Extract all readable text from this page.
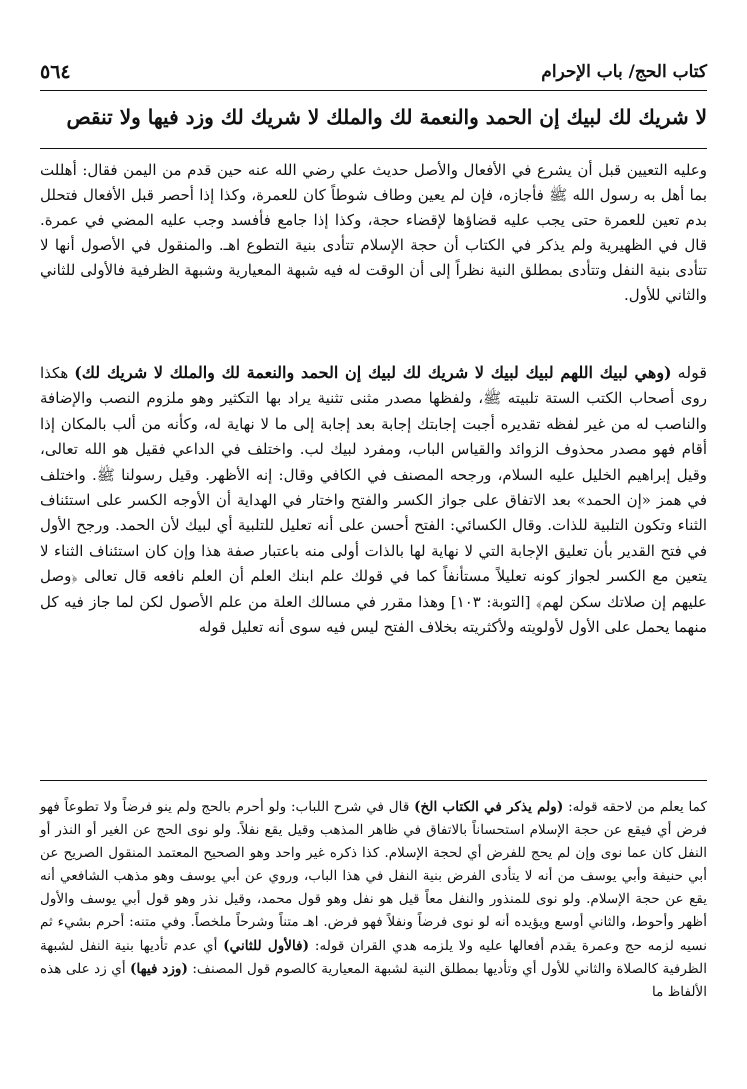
٥٦٤	كتاب الحج/ باب الإحرام
لا شريك لك لبيك إن الحمد والنعمة لك والملك لا شريك لك وزد فيها ولا تنقص
وعليه التعيين قبل أن يشرع في الأفعال والأصل حديث علي رضي الله عنه حين قدم من اليمن فقال: أهللت بما أهل به رسول الله ﷺ فأجازه، فإن لم يعين وطاف شوطاً كان للعمرة، وكذا إذا أحصر قبل الأفعال فتحلل بدم تعين للعمرة حتى يجب عليه قضاؤها لإقضاء حجة، وكذا إذا جامع فأفسد وجب عليه المضي في عمرة. قال في الظهيرية ولم يذكر في الكتاب أن حجة الإسلام تتأدى بنية التطوع اهـ. والمنقول في الأصول أنها لا تتأدى بنية النفل وتتأدى بمطلق النية نظراً إلى أن الوقت له فيه شبهة المعيارية وشبهة الظرفية فالأولى للثاني والثاني للأول.
قوله (وهي لبيك اللهم لبيك لبيك لا شريك لك لبيك إن الحمد والنعمة لك والملك لا شريك لك) هكذا روى أصحاب الكتب الستة تلبيته ﷺ، ولفظها مصدر مثنى تثنية يراد بها التكثير وهو ملزوم النصب والإضافة والناصب له من غير لفظه تقديره أجبت إجابتك إجابة بعد إجابة إلى ما لا نهاية له، وكأنه من ألب بالمكان إذا أقام فهو مصدر محذوف الزوائد والقياس الباب، ومفرد لبيك لب. واختلف في الداعي فقيل هو الله تعالى، وقيل إبراهيم الخليل عليه السلام، ورجحه المصنف في الكافي وقال: إنه الأظهر. وقيل رسولنا ﷺ. واختلف في همز «إن الحمد» بعد الاتفاق على جواز الكسر والفتح واختار في الهداية أن الأوجه الكسر على استئناف الثناء وتكون التلبية للذات. وقال الكسائي: الفتح أحسن على أنه تعليل للتلبية أي لبيك لأن الحمد. ورجح الأول في فتح القدير بأن تعليق الإجابة التي لا نهاية لها بالذات أولى منه باعتبار صفة هذا وإن كان استئناف الثناء لا يتعين مع الكسر لجواز كونه تعليلاً مستأنفاً كما في قولك علم ابنك العلم أن العلم نافعه قال تعالى ﴿وصل عليهم إن صلاتك سكن لهم﴾ [التوبة: ١٠٣] وهذا مقرر في مسالك العلة من علم الأصول لكن لما جاز فيه كل منهما يحمل على الأول لأولويته ولأكثريته بخلاف الفتح ليس فيه سوى أنه تعليل قوله
كما يعلم من لاحقه قوله: (ولم يذكر في الكتاب الخ) قال في شرح اللباب: ولو أحرم بالحج ولم ينو فرضاً ولا تطوعاً فهو فرض أي فيقع عن حجة الإسلام استحساناً بالاتفاق في ظاهر المذهب وقيل يقع نفلاً. ولو نوى الحج عن الغير أو النذر أو النفل كان عما نوى وإن لم يحج للفرض أي لحجة الإسلام. كذا ذكره غير واحد وهو الصحيح المعتمد المنقول الصريح عن أبي حنيفة وأبي يوسف من أنه لا يتأدى الفرض بنية النفل في هذا الباب، وروي عن أبي يوسف وهو مذهب الشافعي أنه يقع عن حجة الإسلام. ولو نوى للمنذور والنفل معاً قيل هو نفل وهو قول محمد، وقيل نذر وهو قول أبي يوسف والأول أظهر وأحوط، والثاني أوسع ويؤيده أنه لو نوى فرضاً ونفلاً فهو فرض. اهـ متناً وشرحاً ملخصاً. وفي متنه: أحرم بشيء ثم نسيه لزمه حج وعمرة يقدم أفعالها عليه ولا يلزمه هدي القران قوله: (فالأول للثاني) أي عدم تأديها بنية النفل لشبهة الظرفية كالصلاة والثاني للأول أي وتأديها بمطلق النية لشبهة المعيارية كالصوم قول المصنف: (وزد فيها) أي زد على هذه الألفاظ ما
